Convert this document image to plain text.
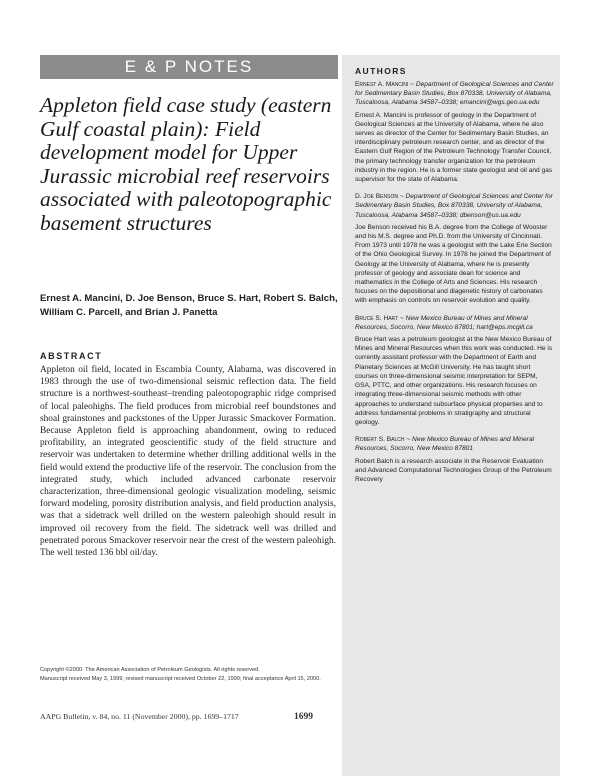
E & P NOTES
Appleton field case study (eastern Gulf coastal plain): Field development model for Upper Jurassic microbial reef reservoirs associated with paleotopographic basement structures

Ernest A. Mancini, D. Joe Benson, Bruce S. Hart, Robert S. Balch, William C. Parcell, and Brian J. Panetta

ABSTRACT

Appleton oil field, located in Escambia County, Alabama, was discovered in 1983 through the use of two-dimensional seismic reflection data. The field structure is a northwest-southeast–trending paleotopographic ridge comprised of local paleohighs. The field produces from microbial reef boundstones and shoal grainstones and packstones of the Upper Jurassic Smackover Formation. Because Appleton field is approaching abandonment, owing to reduced profitability, an integrated geoscientific study of the field structure and reservoir was undertaken to determine whether drilling additional wells in the field would extend the productive life of the reservoir. The conclusion from the integrated study, which included advanced carbonate reservoir characterization, three-dimensional geologic visualization modeling, seismic forward modeling, porosity distribution analysis, and field production analysis, was that a sidetrack well drilled on the western paleohigh should result in improved oil recovery from the field. The sidetrack well was drilled and penetrated porous Smackover reservoir near the crest of the western paleohigh. The well tested 136 bbl oil/day.

Copyright ©2000. The American Association of Petroleum Geologists. All rights reserved.
Manuscript received May 3, 1999; revised manuscript received October 22, 1999; final acceptance April 15, 2000.
AAPG Bulletin, v. 84, no. 11 (November 2000), pp. 1699–1717	1699
AUTHORS

Ernest A. Mancini ~ Department of Geological Sciences and Center for Sedimentary Basin Studies, Box 870338, University of Alabama, Tuscaloosa, Alabama 34587–0338; emancini@wgs.geo.ua.edu

Ernest A. Mancini is professor of geology in the Department of Geological Sciences at the University of Alabama, where he also serves as director of the Center for Sedimentary Basin Studies, an interdisciplinary petroleum research center, and as director of the Eastern Gulf Region of the Petroleum Technology Transfer Council, the primary technology transfer organization for the petroleum industry in the region. He is a former state geologist and oil and gas supervisor for the state of Alabama.

D. Joe Benson ~ Department of Geological Sciences and Center for Sedimentary Basin Studies, Box 870338, University of Alabama, Tuscaloosa, Alabama 34587–0338; dbenson@us.ua.edu

Joe Benson received his B.A. degree from the College of Wooster and his M.S. degree and Ph.D. from the University of Cincinnati. From 1973 until 1978 he was a geologist with the Lake Erie Section of the Ohio Geological Survey. In 1978 he joined the Department of Geology at the University of Alabama, where he is presently professor of geology and associate dean for science and mathematics in the College of Arts and Sciences. His research focuses on the depositional and diagenetic history of carbonates with emphasis on controls on reservoir evolution and quality.

Bruce S. Hart ~ New Mexico Bureau of Mines and Mineral Resources, Socorro, New Mexico 87801; hart@eps.mcgill.ca

Bruce Hart was a petroleum geologist at the New Mexico Bureau of Mines and Mineral Resources when this work was conducted. He is currently assistant professor with the Department of Earth and Planetary Sciences at McGill University. He has taught short courses on three-dimensional seismic interpretation for SEPM, GSA, PTTC, and other organizations. His research focuses on integrating three-dimensional seismic methods with other approaches to understand subsurface physical properties and to address fundamental problems in stratigraphy and structural geology.

Robert S. Balch ~ New Mexico Bureau of Mines and Mineral Resources, Socorro, New Mexico 87801

Robert Balch is a research associate in the Reservoir Evaluation and Advanced Computational Technologies Group of the Petroleum Recovery
